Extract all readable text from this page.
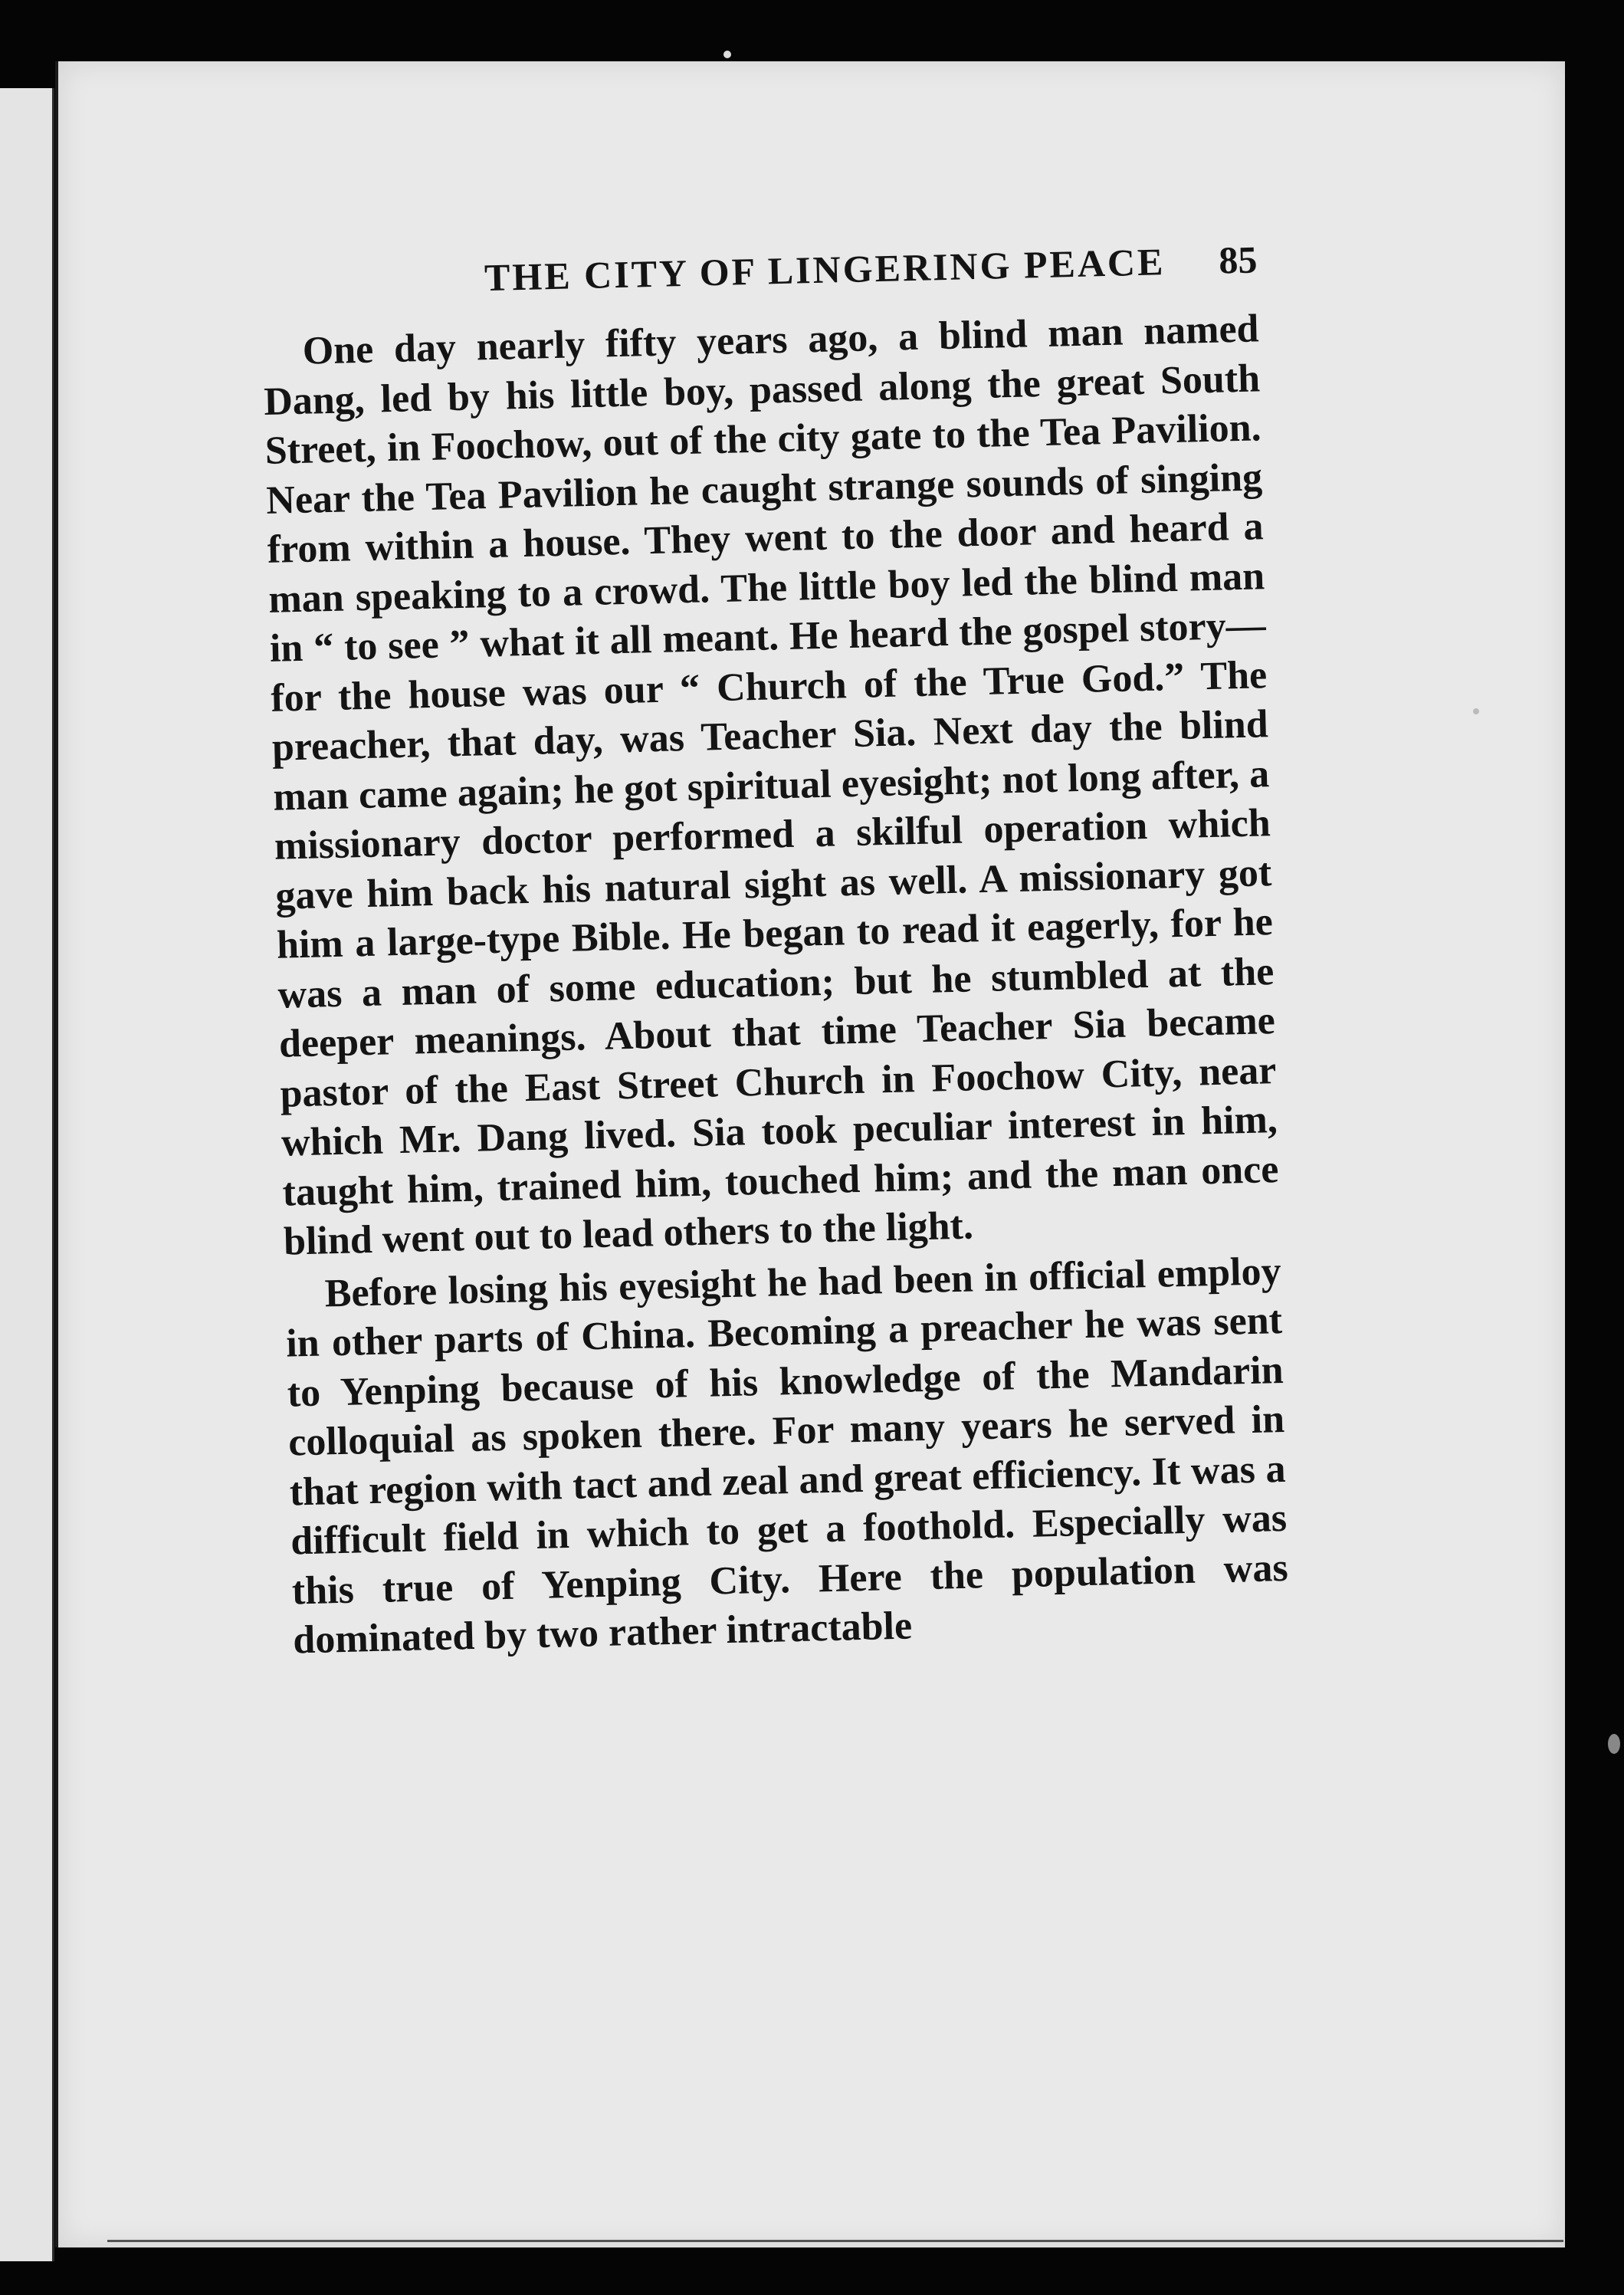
THE CITY OF LINGERING PEACE 85

One day nearly fifty years ago, a blind man named Dang, led by his little boy, passed along the great South Street, in Foochow, out of the city gate to the Tea Pavilion. Near the Tea Pavilion he caught strange sounds of singing from within a house. They went to the door and heard a man speaking to a crowd. The little boy led the blind man in “ to see ” what it all meant. He heard the gospel story—for the house was our “ Church of the True God.” The preacher, that day, was Teacher Sia. Next day the blind man came again; he got spiritual eyesight; not long after, a missionary doctor performed a skilful operation which gave him back his natural sight as well. A missionary got him a large-type Bible. He began to read it eagerly, for he was a man of some education; but he stumbled at the deeper meanings. About that time Teacher Sia became pastor of the East Street Church in Foochow City, near which Mr. Dang lived. Sia took peculiar interest in him, taught him, trained him, touched him; and the man once blind went out to lead others to the light.

Before losing his eyesight he had been in official employ in other parts of China. Becoming a preacher he was sent to Yenping because of his knowledge of the Mandarin colloquial as spoken there. For many years he served in that region with tact and zeal and great efficiency. It was a difficult field in which to get a foothold. Especially was this true of Yenping City. Here the population was dominated by two rather intractable
